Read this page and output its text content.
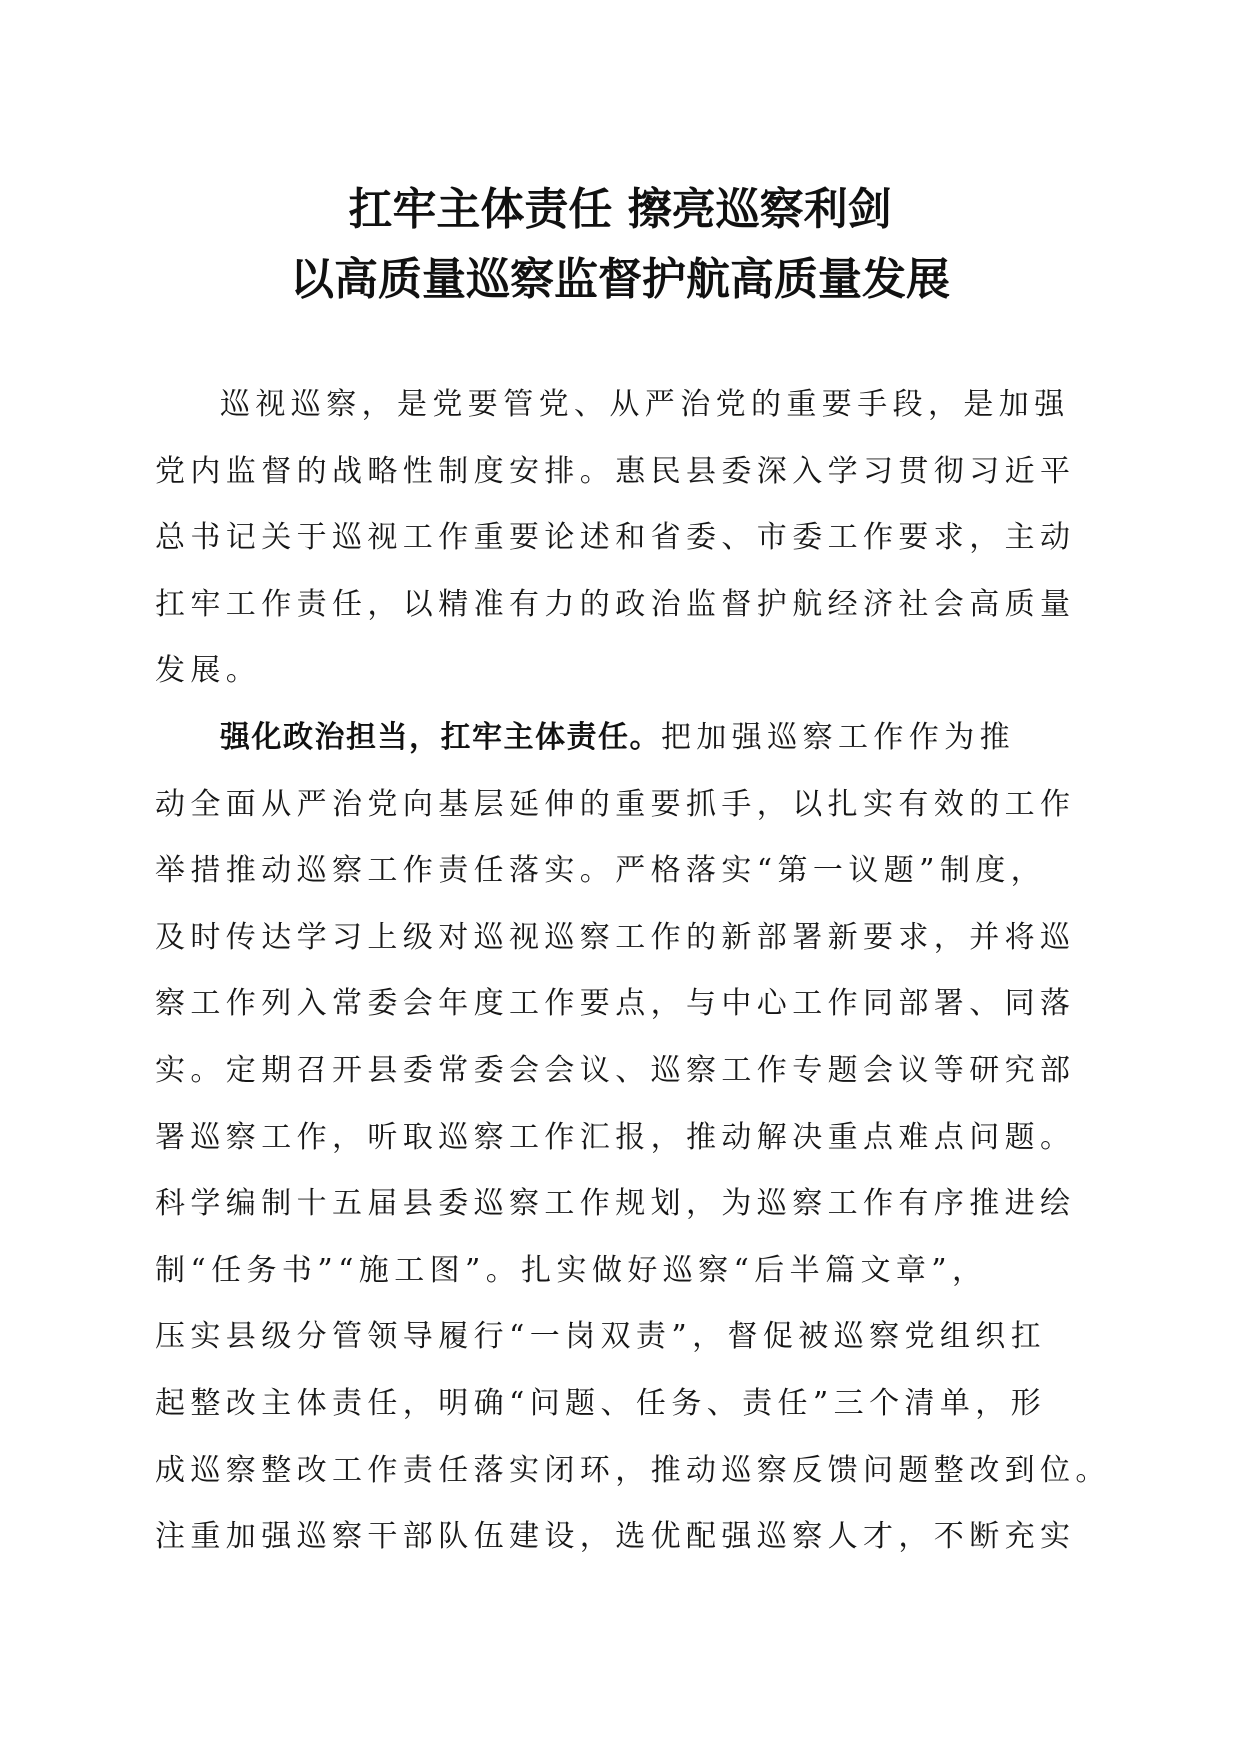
扛牢主体责任 擦亮巡察利剑
以高质量巡察监督护航高质量发展
巡视巡察，是党要管党、从严治党的重要手段，是加强
党内监督的战略性制度安排。惠民县委深入学习贯彻习近平
总书记关于巡视工作重要论述和省委、市委工作要求，主动
扛牢工作责任，以精准有力的政治监督护航经济社会高质量
发展。
强化政治担当，扛牢主体责任。把加强巡察工作作为推
动全面从严治党向基层延伸的重要抓手，以扎实有效的工作
举措推动巡察工作责任落实。严格落实“第一议题”制度，
及时传达学习上级对巡视巡察工作的新部署新要求，并将巡
察工作列入常委会年度工作要点，与中心工作同部署、同落
实。定期召开县委常委会会议、巡察工作专题会议等研究部
署巡察工作，听取巡察工作汇报，推动解决重点难点问题。
科学编制十五届县委巡察工作规划，为巡察工作有序推进绘
制“任务书”“施工图”。扎实做好巡察“后半篇文章”，
压实县级分管领导履行“一岗双责”，督促被巡察党组织扛
起整改主体责任，明确“问题、任务、责任”三个清单，形
成巡察整改工作责任落实闭环，推动巡察反馈问题整改到位。
注重加强巡察干部队伍建设，选优配强巡察人才，不断充实
